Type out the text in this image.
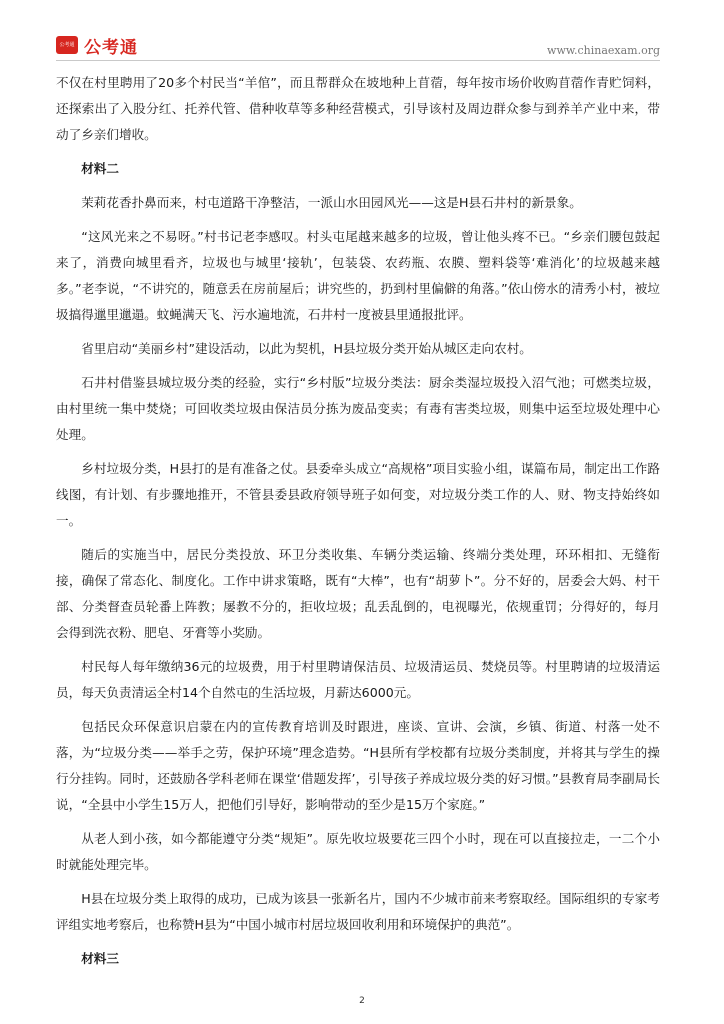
公考通 公考通	www.chinaexam.org

不仅在村里聘用了20多个村民当“羊倌”，而且帮群众在坡地种上苜蓿，每年按市场价收购苜蓿作青贮饲料，还探索出了入股分红、托养代管、借种收草等多种经营模式，引导该村及周边群众参与到养羊产业中来，带动了乡亲们增收。

材料二

茉莉花香扑鼻而来，村屯道路干净整洁，一派山水田园风光——这是H县石井村的新景象。

“这风光来之不易呀。”村书记老李感叹。村头屯尾越来越多的垃圾，曾让他头疼不已。“乡亲们腰包鼓起来了，消费向城里看齐，垃圾也与城里‘接轨’，包装袋、农药瓶、农膜、塑料袋等‘难消化’的垃圾越来越多。”老李说，“不讲究的，随意丢在房前屋后；讲究些的，扔到村里偏僻的角落。”依山傍水的清秀小村，被垃圾搞得邋里邋遢。蚊蝇满天飞、污水遍地流，石井村一度被县里通报批评。

省里启动“美丽乡村”建设活动，以此为契机，H县垃圾分类开始从城区走向农村。

石井村借鉴县城垃圾分类的经验，实行“乡村版”垃圾分类法：厨余类湿垃圾投入沼气池；可燃类垃圾，由村里统一集中焚烧；可回收类垃圾由保洁员分拣为废品变卖；有毒有害类垃圾，则集中运至垃圾处理中心处理。

乡村垃圾分类，H县打的是有准备之仗。县委牵头成立“高规格”项目实验小组，谋篇布局，制定出工作路线图，有计划、有步骤地推开，不管县委县政府领导班子如何变，对垃圾分类工作的人、财、物支持始终如一。

随后的实施当中，居民分类投放、环卫分类收集、车辆分类运输、终端分类处理，环环相扣、无缝衔接，确保了常态化、制度化。工作中讲求策略，既有“大棒”，也有“胡萝卜”。分不好的，居委会大妈、村干部、分类督查员轮番上阵教；屡教不分的，拒收垃圾；乱丢乱倒的，电视曝光，依规重罚；分得好的，每月会得到洗衣粉、肥皂、牙膏等小奖励。

村民每人每年缴纳36元的垃圾费，用于村里聘请保洁员、垃圾清运员、焚烧员等。村里聘请的垃圾清运员，每天负责清运全村14个自然屯的生活垃圾，月薪达6000元。

包括民众环保意识启蒙在内的宣传教育培训及时跟进，座谈、宣讲、会演，乡镇、街道、村落一处不落，为“垃圾分类——举手之劳，保护环境”理念造势。“H县所有学校都有垃圾分类制度，并将其与学生的操行分挂钩。同时，还鼓励各学科老师在课堂‘借题发挥’，引导孩子养成垃圾分类的好习惯。”县教育局李副局长说，“全县中小学生15万人，把他们引导好，影响带动的至少是15万个家庭。”

从老人到小孩，如今都能遵守分类“规矩”。原先收垃圾要花三四个小时，现在可以直接拉走，一二个小时就能处理完毕。

H县在垃圾分类上取得的成功，已成为该县一张新名片，国内不少城市前来考察取经。国际组织的专家考评组实地考察后，也称赞H县为“中国小城市村居垃圾回收利用和环境保护的典范”。

材料三

2
